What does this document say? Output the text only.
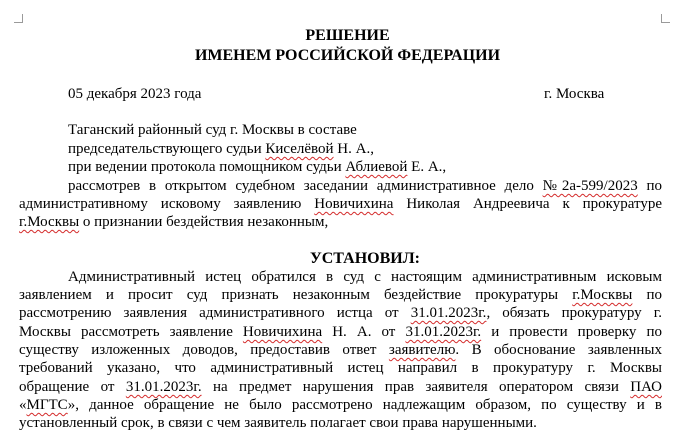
РЕШЕНИЕ
ИМЕНЕМ РОССИЙСКОЙ ФЕДЕРАЦИИ
05 декабря 2023 года	г. Москва
Таганский районный суд г. Москвы в составе
председательствующего судьи Киселёвой Н. А.,
при ведении протокола помощником судьи Аблиевой Е. А.,
рассмотрев в открытом судебном заседании административное дело №2а-599/2023 по
административному исковому заявлению Новичихина Николая Андреевича к прокуратуре
г.Москвы о признании бездействия незаконным,
УСТАНОВИЛ:
Административный истец обратился в суд с настоящим административным исковым
заявлением и просит суд признать незаконным бездействие прокуратуры г.Москвы по
рассмотрению заявления административного истца от 31.01.2023г., обязать прокуратуру г.
Москвы рассмотреть заявление Новичихина Н. А. от 31.01.2023г. и провести проверку по
существу изложенных доводов, предоставив ответ заявителю. В обоснование заявленных
требований указано, что административный истец направил в прокуратуру г. Москвы
обращение от 31.01.2023г. на предмет нарушения прав заявителя оператором связи ПАО
«МГТС», данное обращение не было рассмотрено надлежащим образом, по существу и в
установленный срок, в связи с чем заявитель полагает свои права нарушенными.
